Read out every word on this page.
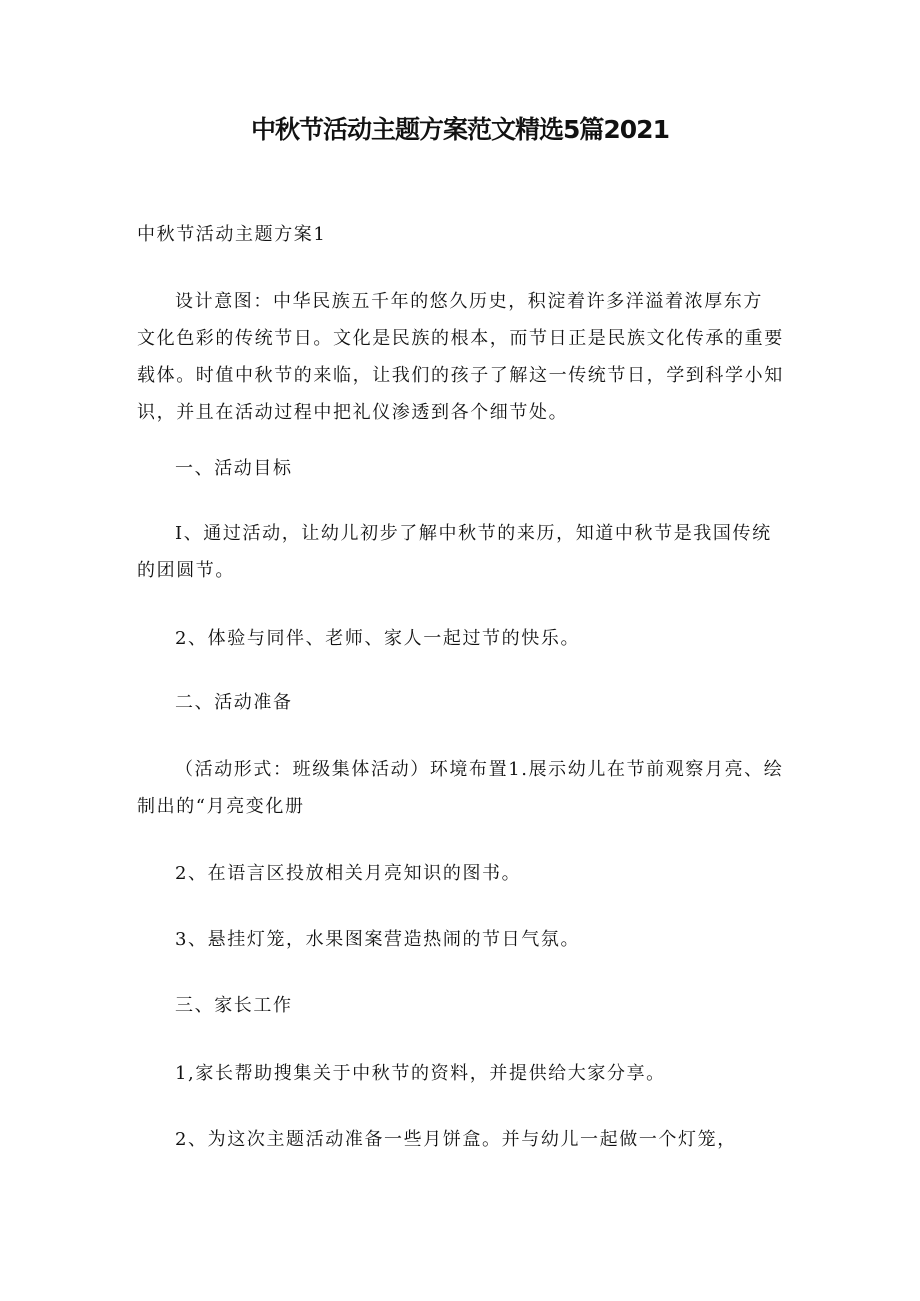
中秋节活动主题方案范文精选5篇2021

中秋节活动主题方案1

设计意图：中华民族五千年的悠久历史，积淀着许多洋溢着浓厚东方
文化色彩的传统节日。文化是民族的根本，而节日正是民族文化传承的重要
载体。时值中秋节的来临，让我们的孩子了解这一传统节日，学到科学小知
识，并且在活动过程中把礼仪渗透到各个细节处。

一、活动目标

I、通过活动，让幼儿初步了解中秋节的来历，知道中秋节是我国传统
的团圆节。

2、体验与同伴、老师、家人一起过节的快乐。

二、活动准备

（活动形式：班级集体活动）环境布置1.展示幼儿在节前观察月亮、绘
制出的“月亮变化册

2、在语言区投放相关月亮知识的图书。

3、悬挂灯笼，水果图案营造热闹的节日气氛。

三、家长工作

1,家长帮助搜集关于中秋节的资料，并提供给大家分享。

2、为这次主题活动准备一些月饼盒。并与幼儿一起做一个灯笼，
